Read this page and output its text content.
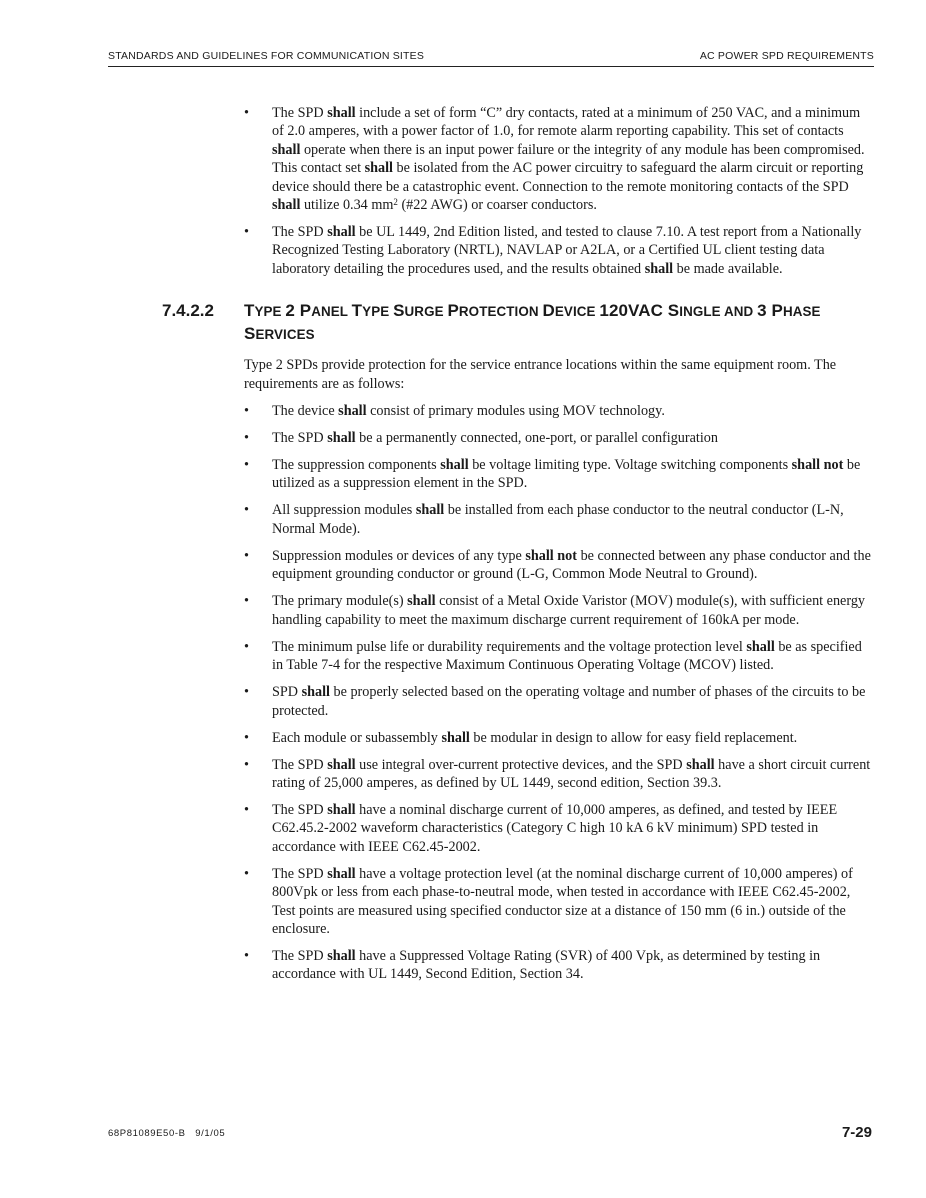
STANDARDS AND GUIDELINES FOR COMMUNICATION SITES	AC POWER SPD REQUIREMENTS
• The SPD shall include a set of form “C” dry contacts, rated at a minimum of 250 VAC, and a minimum of 2.0 amperes, with a power factor of 1.0, for remote alarm reporting capability. This set of contacts shall operate when there is an input power failure or the integrity of any module has been compromised. This contact set shall be isolated from the AC power circuitry to safeguard the alarm circuit or reporting device should there be a catastrophic event. Connection to the remote monitoring contacts of the SPD shall utilize 0.34 $mm^2$ (#22 AWG) or coarser conductors.
• The SPD shall be UL 1449, 2nd Edition listed, and tested to clause 7.10. A test report from a Nationally Recognized Testing Laboratory (NRTL), NAVLAP or A2LA, or a Certified UL client testing data laboratory detailing the procedures used, and the results obtained shall be made available.
7.4.2.2 TYPE 2 PANEL TYPE SURGE PROTECTION DEVICE 120VAC SINGLE AND 3 PHASE SERVICES

Type 2 SPDs provide protection for the service entrance locations within the same equipment room. The requirements are as follows:

• The device shall consist of primary modules using MOV technology.
• The SPD shall be a permanently connected, one-port, or parallel configuration
• The suppression components shall be voltage limiting type. Voltage switching components shall not be utilized as a suppression element in the SPD.
• All suppression modules shall be installed from each phase conductor to the neutral conductor (L-N, Normal Mode).
• Suppression modules or devices of any type shall not be connected between any phase conductor and the equipment grounding conductor or ground (L-G, Common Mode Neutral to Ground).
• The primary module(s) shall consist of a Metal Oxide Varistor (MOV) module(s), with sufficient energy handling capability to meet the maximum discharge current requirement of 160kA per mode.
• The minimum pulse life or durability requirements and the voltage protection level shall be as specified in Table 7-4 for the respective Maximum Continuous Operating Voltage (MCOV) listed.
• SPD shall be properly selected based on the operating voltage and number of phases of the circuits to be protected.
• Each module or subassembly shall be modular in design to allow for easy field replacement.
• The SPD shall use integral over-current protective devices, and the SPD shall have a short circuit current rating of 25,000 amperes, as defined by UL 1449, second edition, Section 39.3.
• The SPD shall have a nominal discharge current of 10,000 amperes, as defined, and tested by IEEE C62.45.2-2002 waveform characteristics (Category C high 10 kA 6 kV minimum) SPD tested in accordance with IEEE C62.45-2002.
• The SPD shall have a voltage protection level (at the nominal discharge current of 10,000 amperes) of 800Vpk or less from each phase-to-neutral mode, when tested in accordance with IEEE C62.45-2002, Test points are measured using specified conductor size at a distance of 150 mm (6 in.) outside of the enclosure.
• The SPD shall have a Suppressed Voltage Rating (SVR) of 400 Vpk, as determined by testing in accordance with UL 1449, Second Edition, Section 34.
68P81089E50-B 9/1/05	7-29
